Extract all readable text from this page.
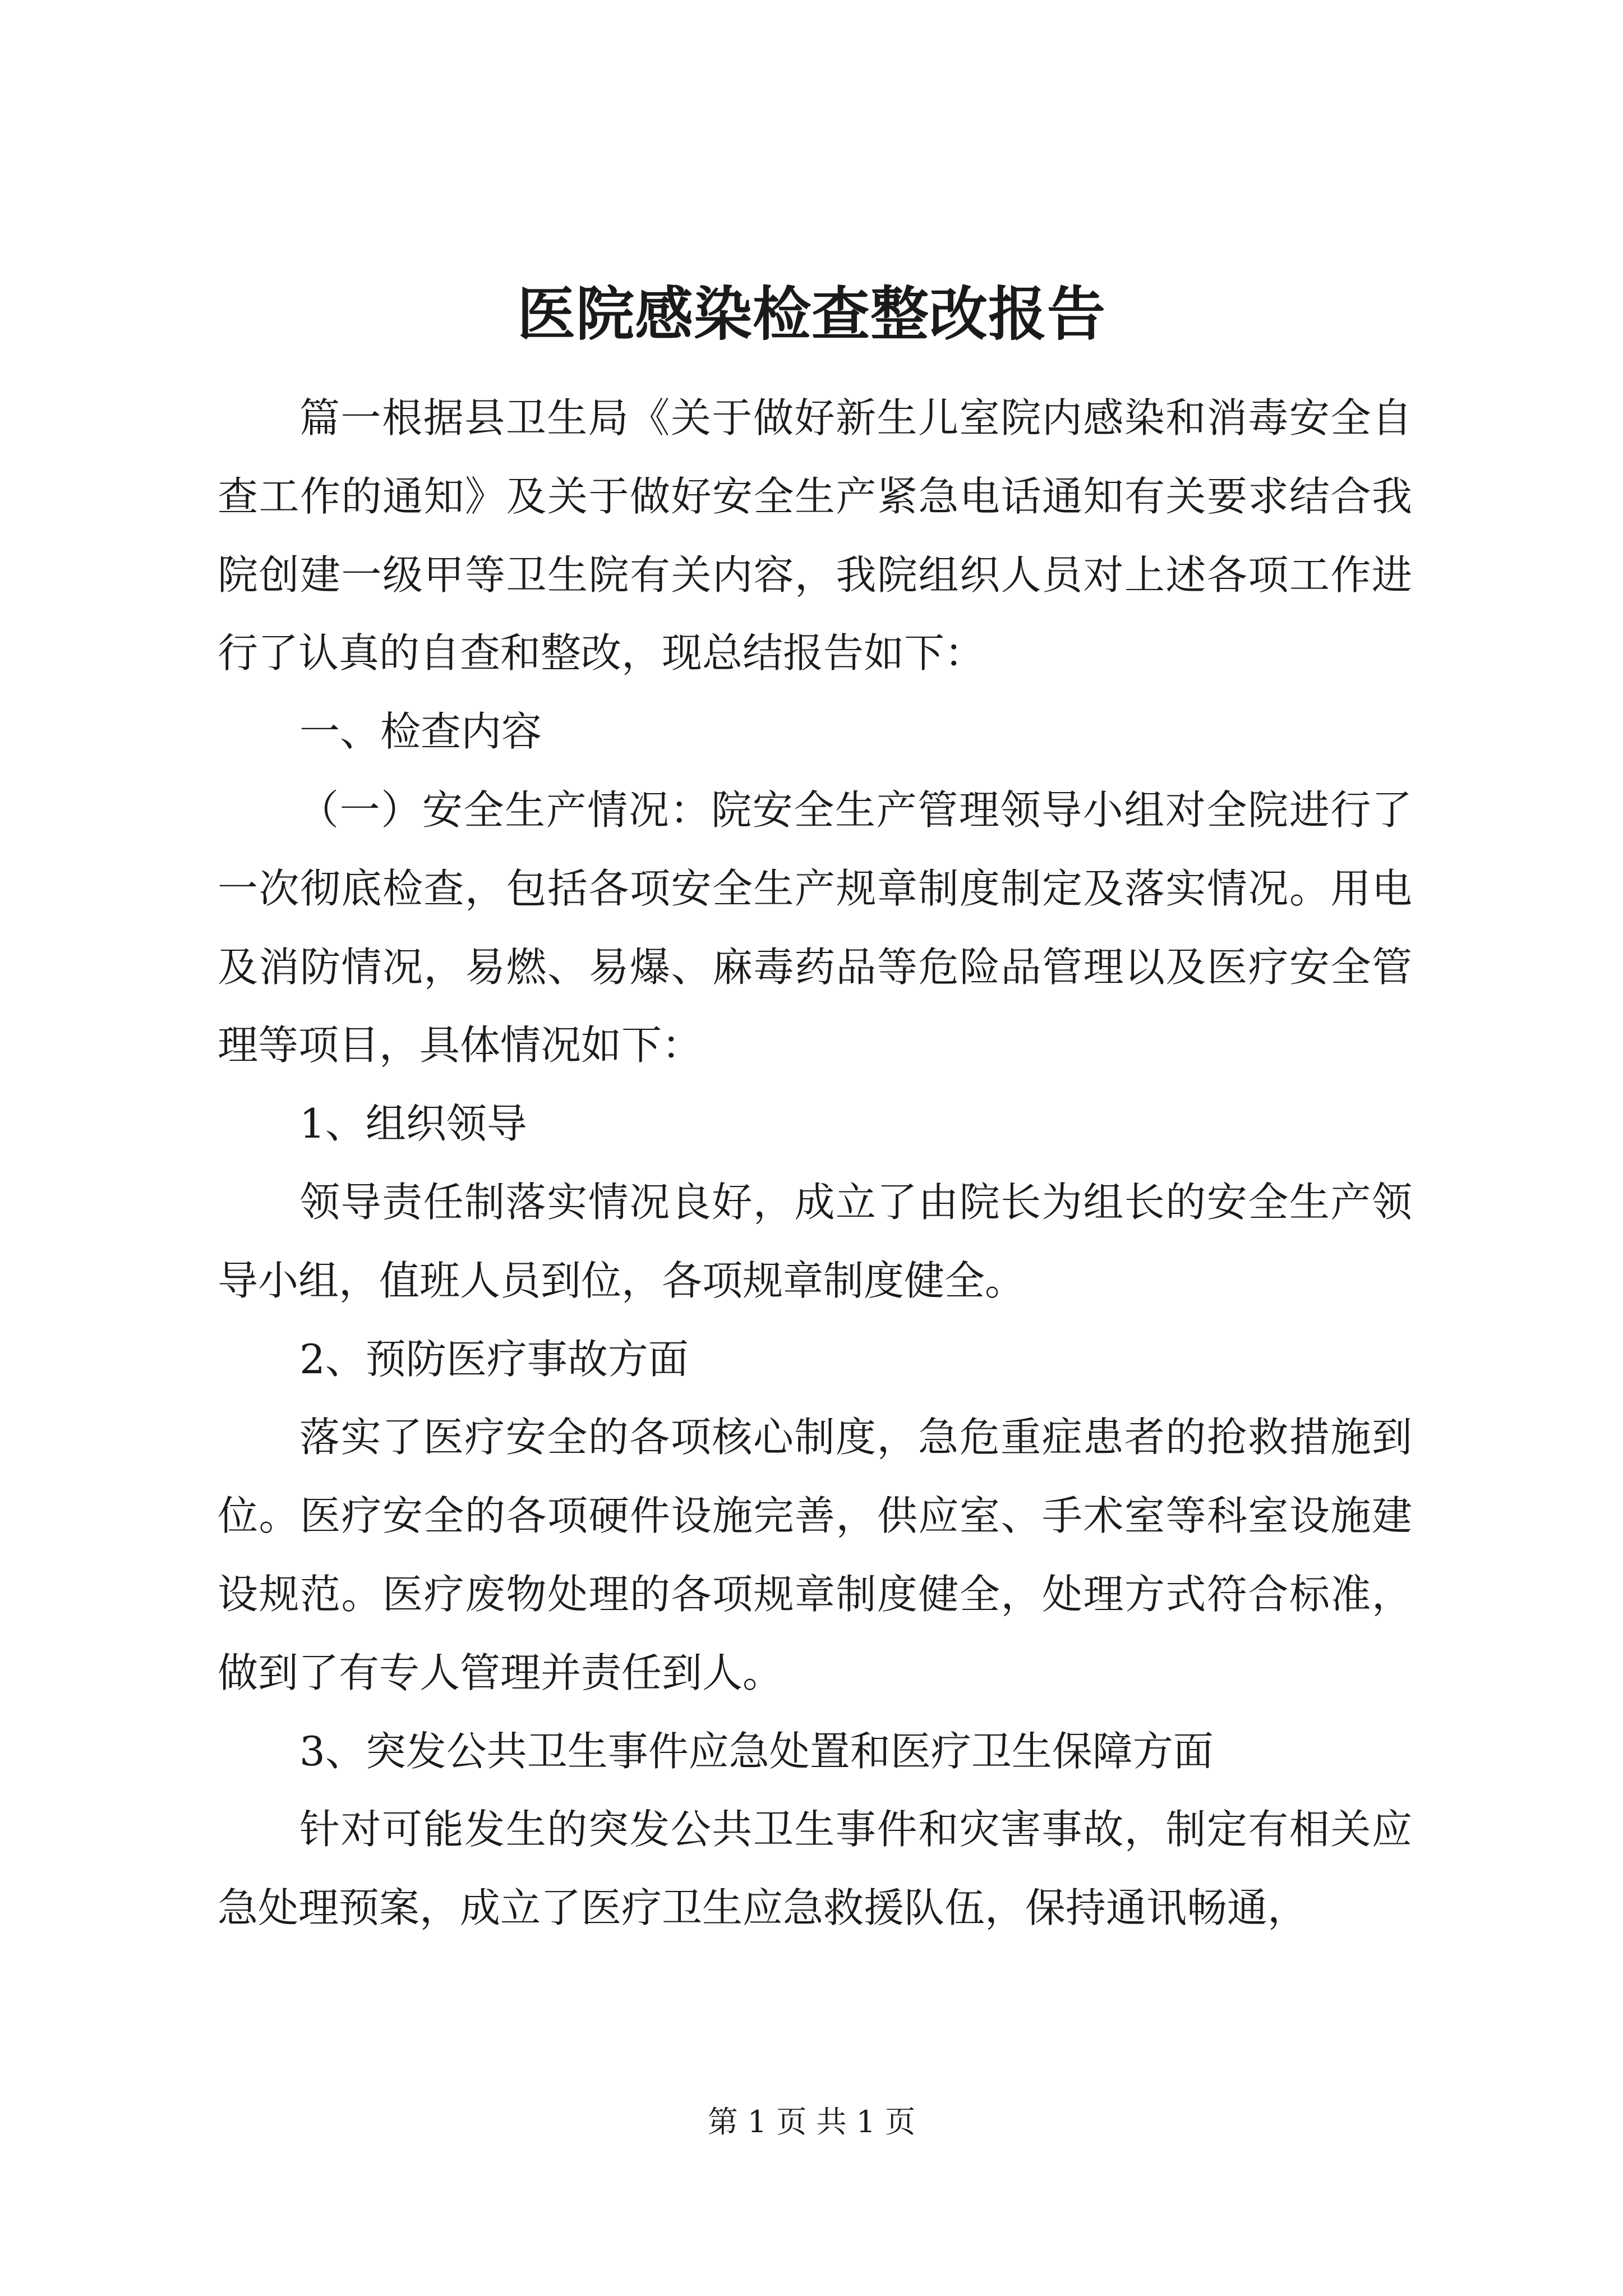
医院感染检查整改报告

篇一根据县卫生局《关于做好新生儿室院内感染和消毒安全自查工作的通知》及关于做好安全生产紧急电话通知有关要求结合我院创建一级甲等卫生院有关内容，我院组织人员对上述各项工作进行了认真的自查和整改，现总结报告如下：

一、检查内容

（一）安全生产情况：院安全生产管理领导小组对全院进行了一次彻底检查，包括各项安全生产规章制度制定及落实情况。用电及消防情况，易燃、易爆、麻毒药品等危险品管理以及医疗安全管理等项目，具体情况如下：

1、组织领导

领导责任制落实情况良好，成立了由院长为组长的安全生产领导小组，值班人员到位，各项规章制度健全。

2、预防医疗事故方面

落实了医疗安全的各项核心制度，急危重症患者的抢救措施到位。医疗安全的各项硬件设施完善，供应室、手术室等科室设施建设规范。医疗废物处理的各项规章制度健全，处理方式符合标准，做到了有专人管理并责任到人。

3、突发公共卫生事件应急处置和医疗卫生保障方面

针对可能发生的突发公共卫生事件和灾害事故，制定有相关应急处理预案，成立了医疗卫生应急救援队伍，保持通讯畅通，

第 1 页 共 1 页
